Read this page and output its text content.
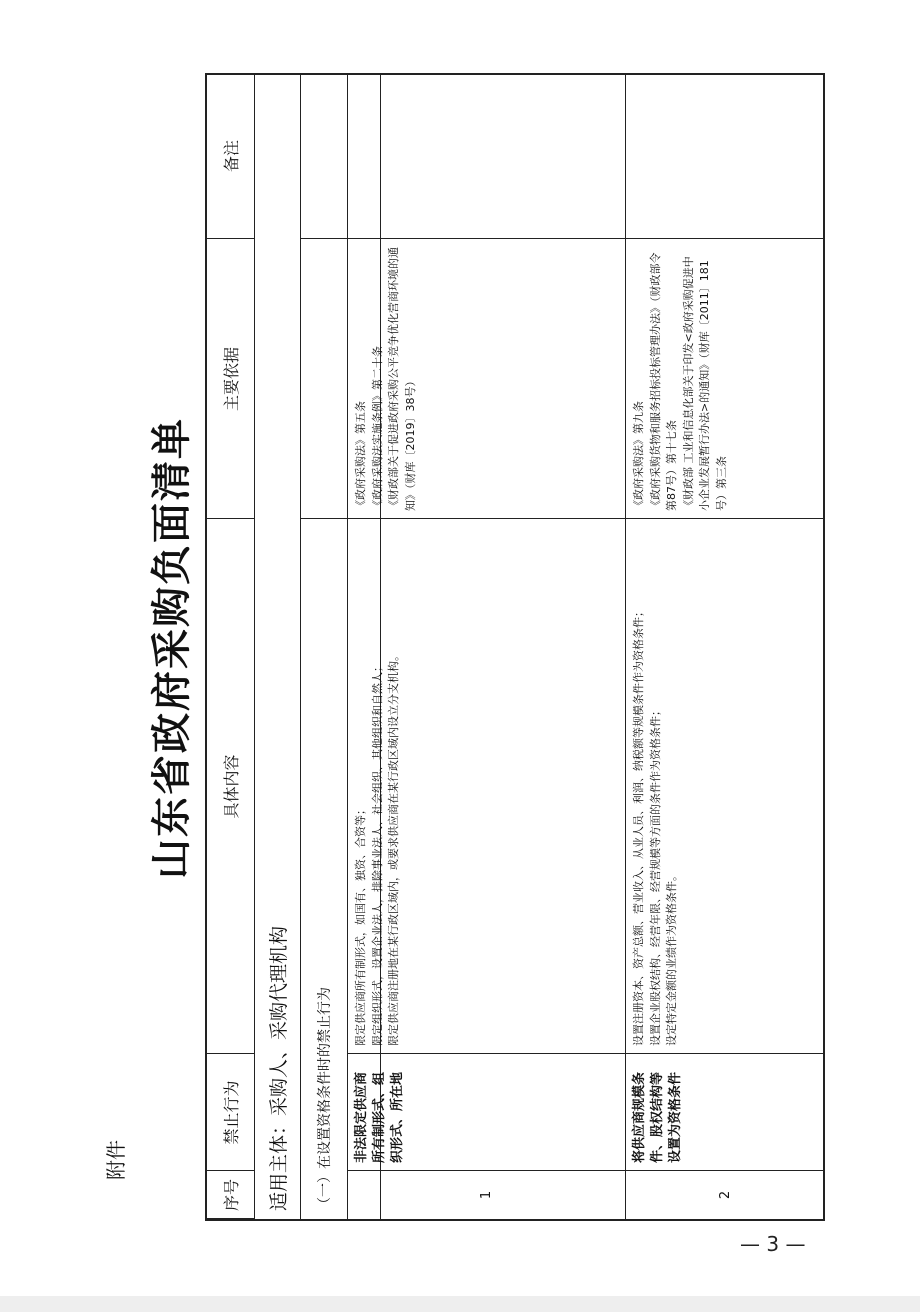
山东省政府采购负面清单
序号
禁止行为
具体内容
主要依据
备注
适用主体：采购人、采购代理机构	（一）在设置资格条件时的禁止行为	1
非法限定供应商所有制形式、组织形式、所在地
限定供应商所有制形式，如国有、独资、合资等；
限定组织形式，设置企业法人，排除事业法人、社会组织、其他组织和自然人；
限定供应商注册地在某行政区域内，或要求供应商在某行政区域内设立分支机构。
《政府采购法》第五条
《政府采购法实施条例》第二十条
《财政部关于促进政府采购公平竞争优化营商环境的通知》（财库〔2019〕38号）
2
将供应商规模条件、股权结构等设置为资格条件
设置注册资本、资产总额、营业收入、从业人员、利润、纳税额等规模条件作为资格条件；
设置企业股权结构、经营年限、经营规模等方面的条件作为资格条件；
设定特定金额的业绩作为资格条件。
《政府采购法》第九条
《政府采购货物和服务招标投标管理办法》（财政部令第87号）第十七条
《财政部 工业和信息化部关于印发<政府采购促进中小企业发展暂行办法>的通知》（财库〔2011〕181号）第三条
附件
— 3 —
